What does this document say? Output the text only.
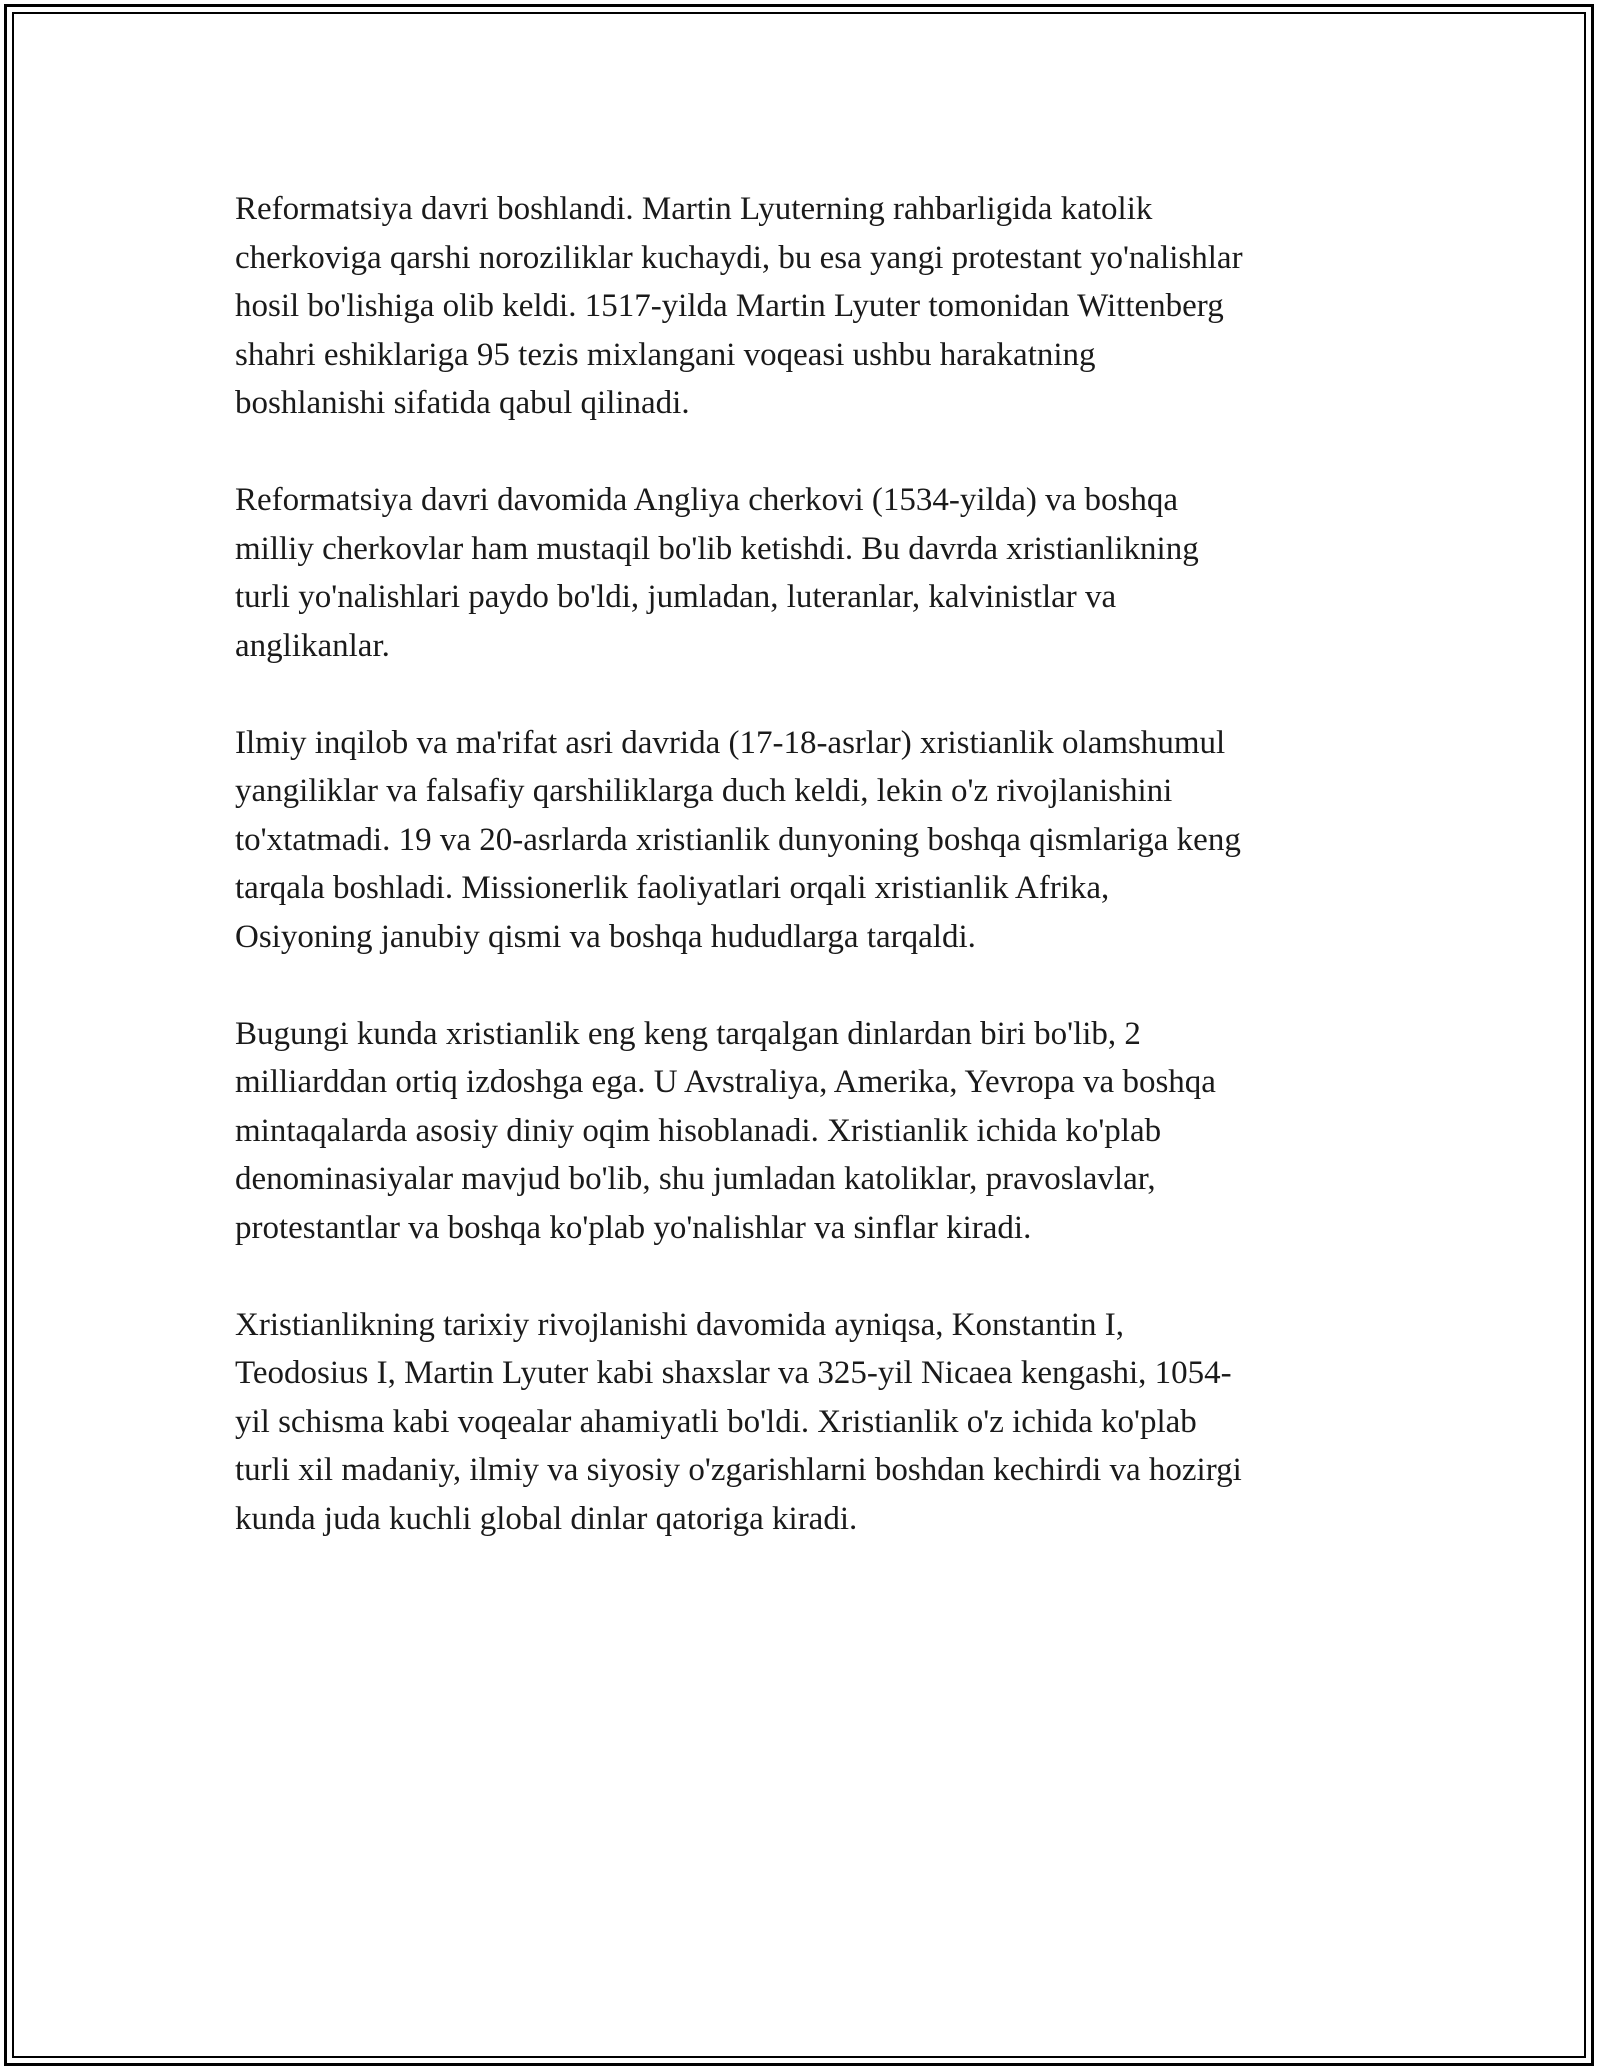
Reformatsiya davri boshlandi. Martin Lyuterning rahbarligida katolik
cherkoviga qarshi noroziliklar kuchaydi, bu esa yangi protestant yo'nalishlar
hosil bo'lishiga olib keldi. 1517-yilda Martin Lyuter tomonidan Wittenberg
shahri eshiklariga 95 tezis mixlangani voqeasi ushbu harakatning
boshlanishi sifatida qabul qilinadi.

Reformatsiya davri davomida Angliya cherkovi (1534-yilda) va boshqa
milliy cherkovlar ham mustaqil bo'lib ketishdi. Bu davrda xristianlikning
turli yo'nalishlari paydo bo'ldi, jumladan, luteranlar, kalvinistlar va
anglikanlar.

Ilmiy inqilob va ma'rifat asri davrida (17-18-asrlar) xristianlik olamshumul
yangiliklar va falsafiy qarshiliklarga duch keldi, lekin o'z rivojlanishini
to'xtatmadi. 19 va 20-asrlarda xristianlik dunyoning boshqa qismlariga keng
tarqala boshladi. Missionerlik faoliyatlari orqali xristianlik Afrika,
Osiyoning janubiy qismi va boshqa hududlarga tarqaldi.

Bugungi kunda xristianlik eng keng tarqalgan dinlardan biri bo'lib, 2
milliarddan ortiq izdoshga ega. U Avstraliya, Amerika, Yevropa va boshqa
mintaqalarda asosiy diniy oqim hisoblanadi. Xristianlik ichida ko'plab
denominasiyalar mavjud bo'lib, shu jumladan katoliklar, pravoslavlar,
protestantlar va boshqa ko'plab yo'nalishlar va sinflar kiradi.

Xristianlikning tarixiy rivojlanishi davomida ayniqsa, Konstantin I,
Teodosius I, Martin Lyuter kabi shaxslar va 325-yil Nicaea kengashi, 1054-
yil schisma kabi voqealar ahamiyatli bo'ldi. Xristianlik o'z ichida ko'plab
turli xil madaniy, ilmiy va siyosiy o'zgarishlarni boshdan kechirdi va hozirgi
kunda juda kuchli global dinlar qatoriga kiradi.
